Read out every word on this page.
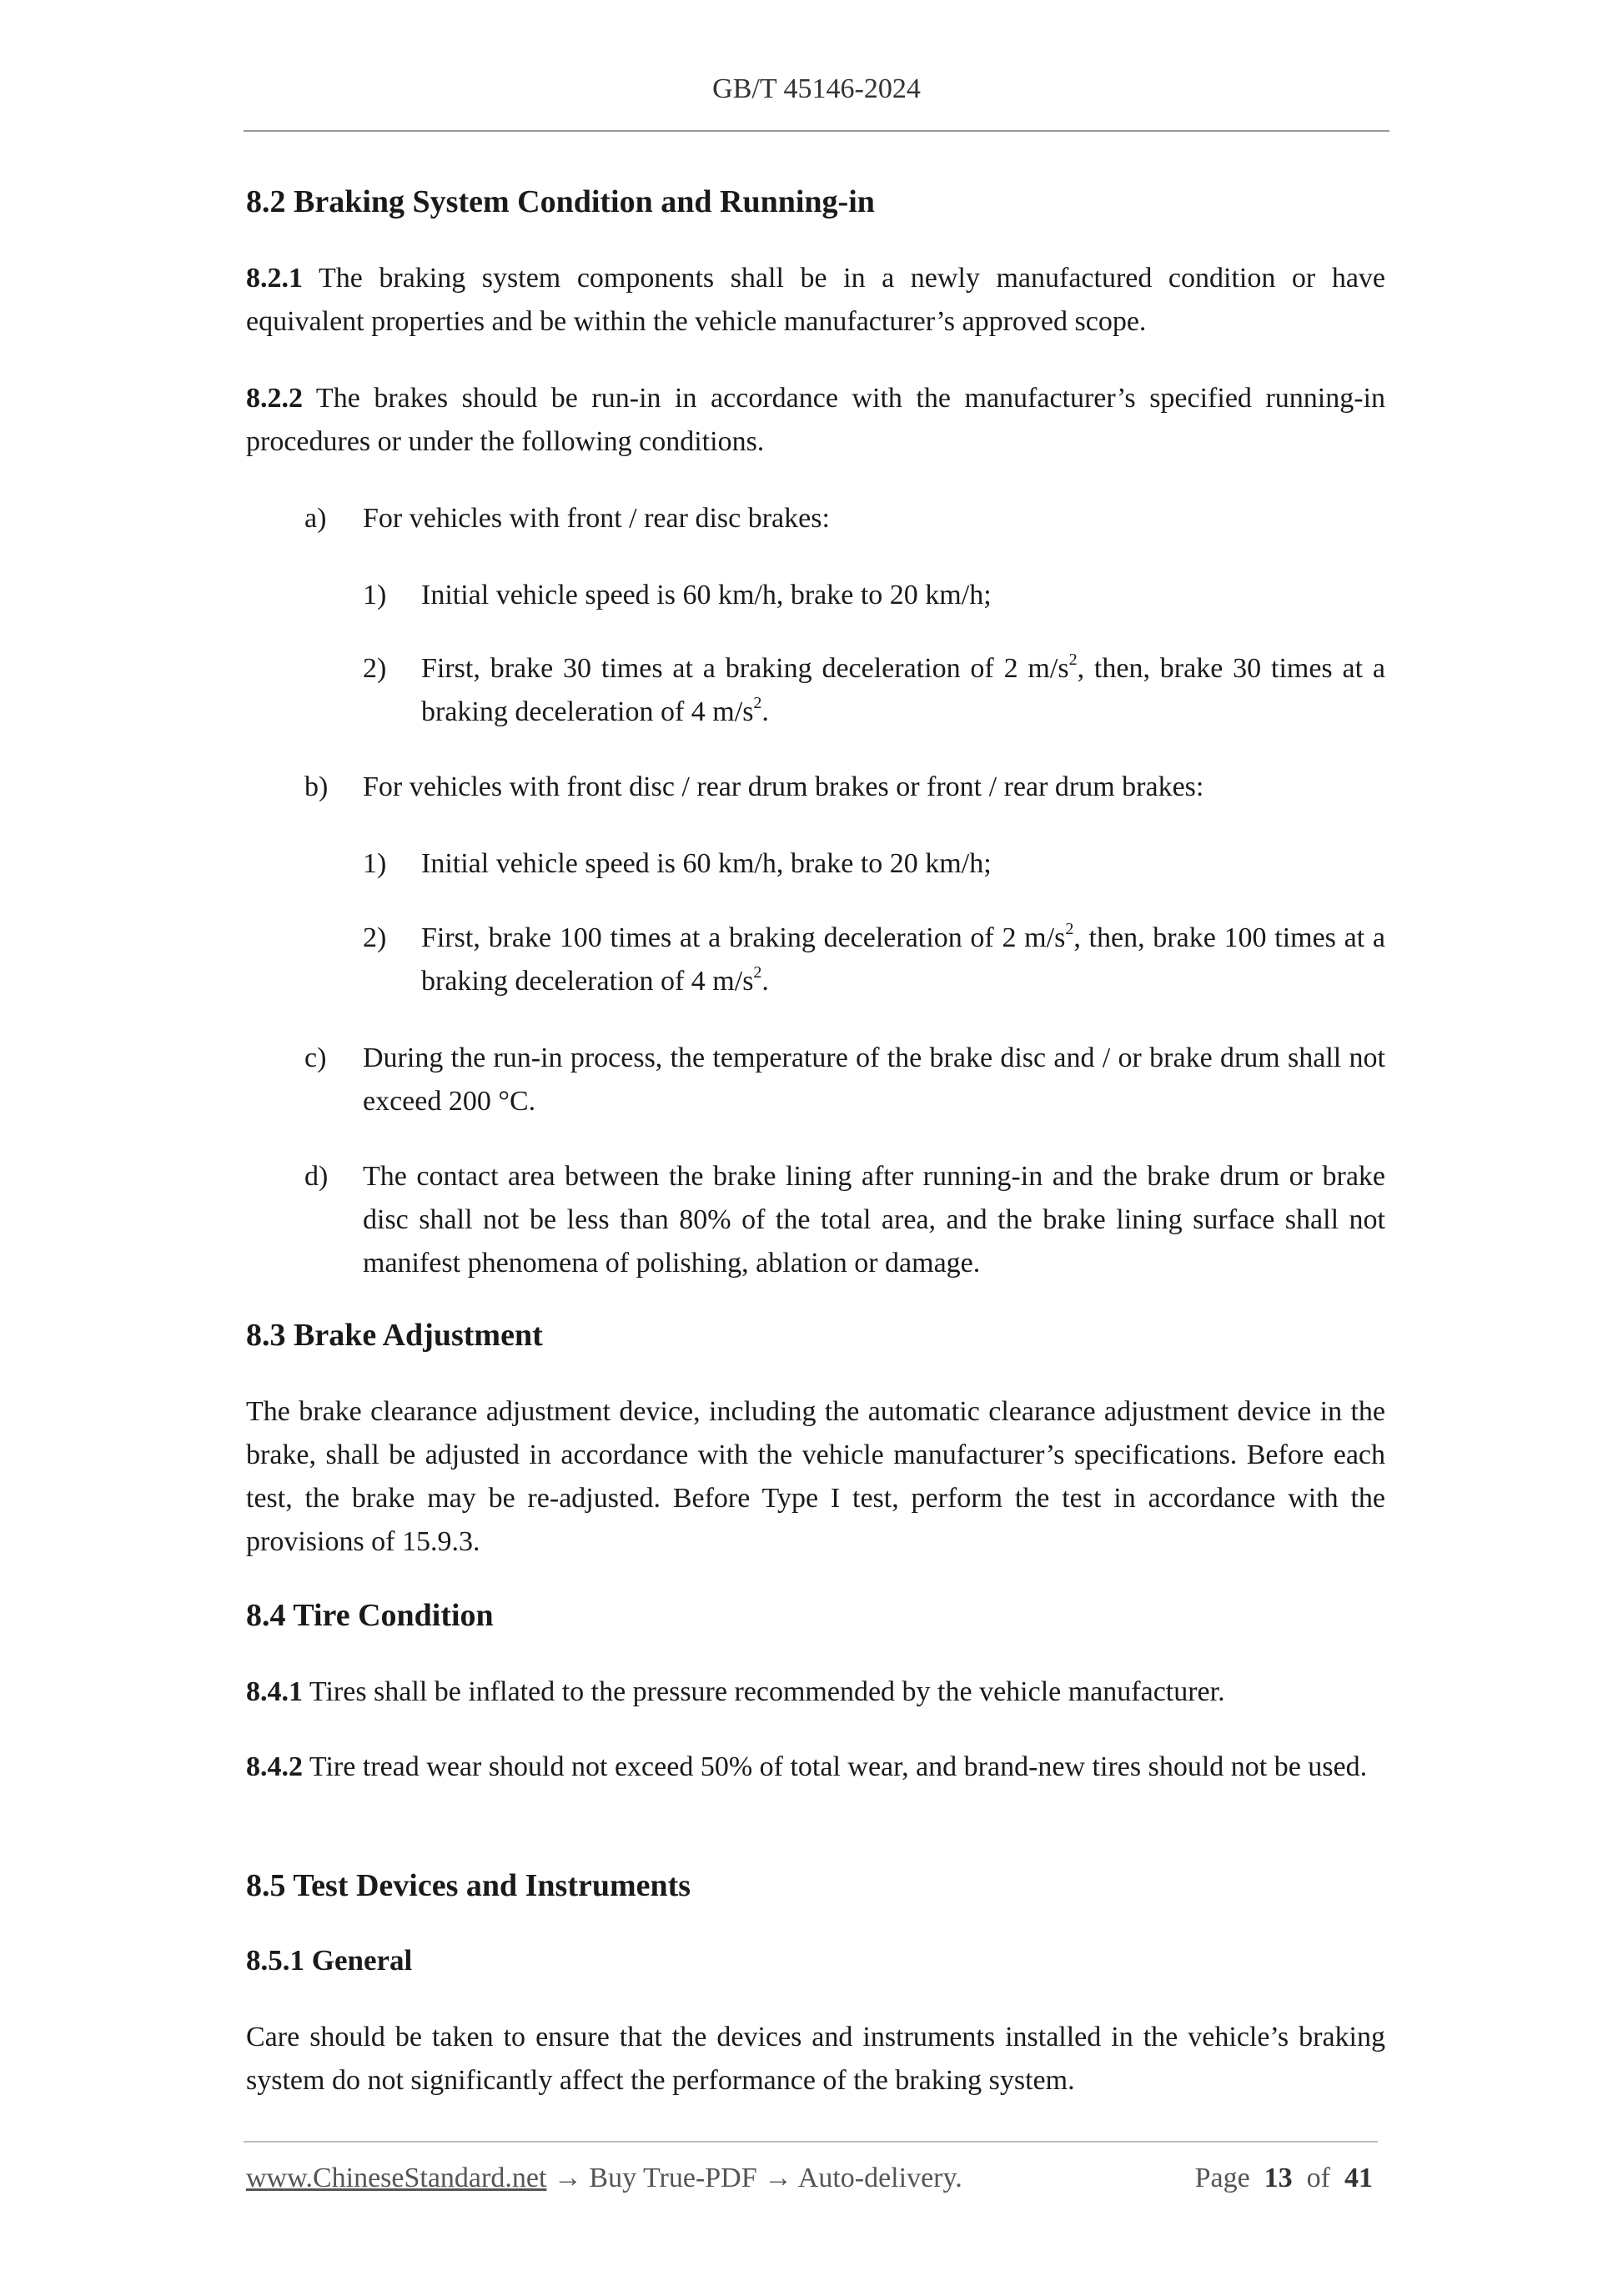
GB/T 45146-2024
8.2 Braking System Condition and Running-in
8.2.1 The braking system components shall be in a newly manufactured condition or have equivalent properties and be within the vehicle manufacturer’s approved scope.
8.2.2 The brakes should be run-in in accordance with the manufacturer’s specified running-in procedures or under the following conditions.
a) For vehicles with front / rear disc brakes:
1) Initial vehicle speed is 60 km/h, brake to 20 km/h;
2) First, brake 30 times at a braking deceleration of 2 $m/s^2$, then, brake 30 times at a braking deceleration of 4 $m/s^2$.
b) For vehicles with front disc / rear drum brakes or front / rear drum brakes:
1) Initial vehicle speed is 60 km/h, brake to 20 km/h;
2) First, brake 100 times at a braking deceleration of 2 $m/s^2$, then, brake 100 times at a braking deceleration of 4 $m/s^2$.
c) During the run-in process, the temperature of the brake disc and / or brake drum shall not exceed 200 °C.
d) The contact area between the brake lining after running-in and the brake drum or brake disc shall not be less than 80% of the total area, and the brake lining surface shall not manifest phenomena of polishing, ablation or damage.
8.3 Brake Adjustment
The brake clearance adjustment device, including the automatic clearance adjustment device in the brake, shall be adjusted in accordance with the vehicle manufacturer’s specifications. Before each test, the brake may be re-adjusted. Before Type I test, perform the test in accordance with the provisions of 15.9.3.
8.4 Tire Condition
8.4.1 Tires shall be inflated to the pressure recommended by the vehicle manufacturer.
8.4.2 Tire tread wear should not exceed 50% of total wear, and brand-new tires should not be used.
8.5 Test Devices and Instruments
8.5.1 General
Care should be taken to ensure that the devices and instruments installed in the vehicle’s braking system do not significantly affect the performance of the braking system.
www.ChineseStandard.net → Buy True-PDF → Auto-delivery.	Page 13 of 41
